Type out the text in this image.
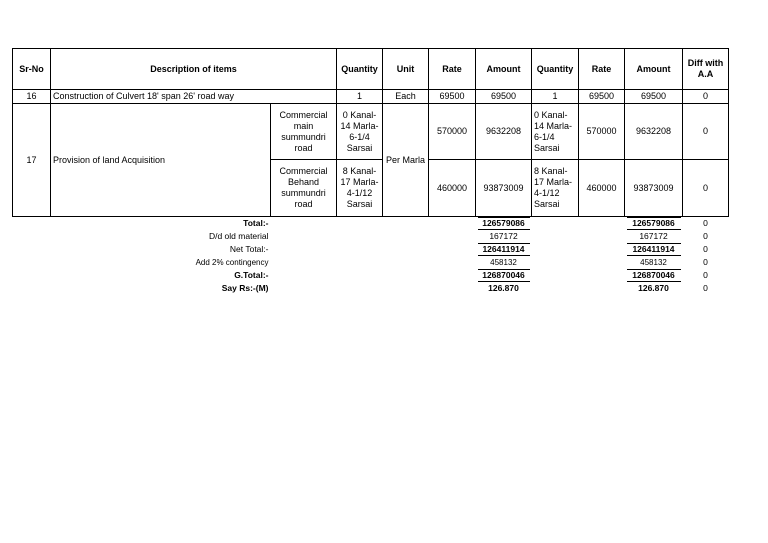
Sr-No	Description of items		Quantity	Unit	Rate	Amount	Quantity	Rate	Amount	Diff with A.A
16	Construction of Culvert 18' span 26' road way		1	Each	69500	69500	1	69500	69500	0
17	Provision of land Acquisition	Commercial main summundri road	0 Kanal-14 Marla-6-1/4 Sarsai	Per Marla	570000	9632208	0 Kanal-14 Marla-6-1/4 Sarsai	570000	9632208	0
		Commercial Behand summundri road	8 Kanal-17 Marla-4-1/12 Sarsai		460000	93873009	8 Kanal-17 Marla-4-1/12 Sarsai	460000	93873009	0
Total:-						126579086			126579086	0
D/d old material						167172			167172	0
Net Total:-						126411914			126411914	0
Add 2% contingency						458132			458132	0
G.Total:-						126870046			126870046	0
Say Rs:-(M)						126.870			126.870	0
